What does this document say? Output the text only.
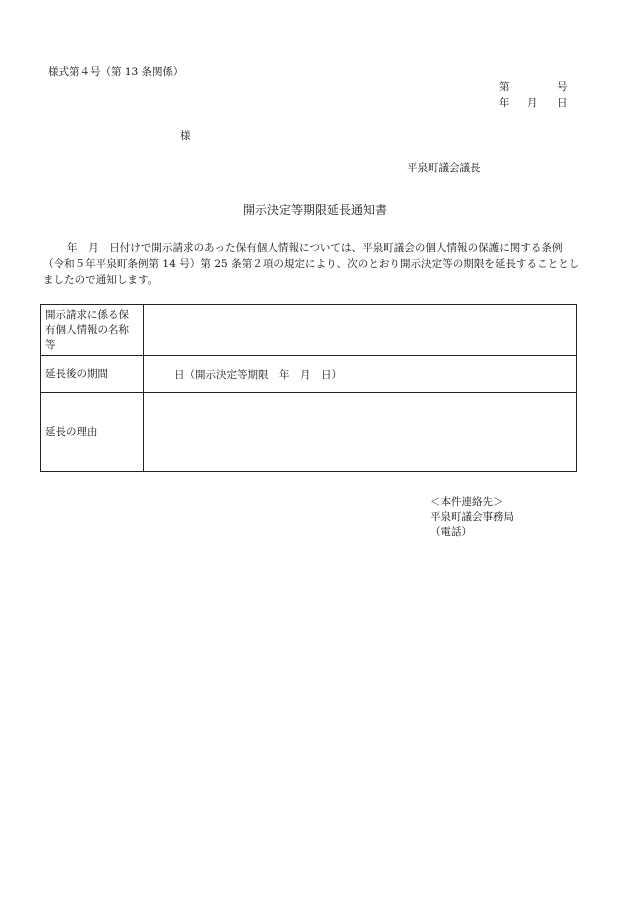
様式第４号（第 13 条関係）
第	号
年 月 日
様
平泉町議会議長
開示決定等期限延長通知書
年　月　日付けで開示請求のあった保有個人情報については、平泉町議会の個人情報の保護に関する条例（令和５年平泉町条例第 14 号）第 25 条第２項の規定により、次のとおり開示決定等の期限を延長することとしましたので通知します。
開示請求に係る保有個人情報の名称等	
延長後の期間	日（開示決定等期限　年　月　日）
延長の理由	
＜本件連絡先＞
平泉町議会事務局
（電話）
